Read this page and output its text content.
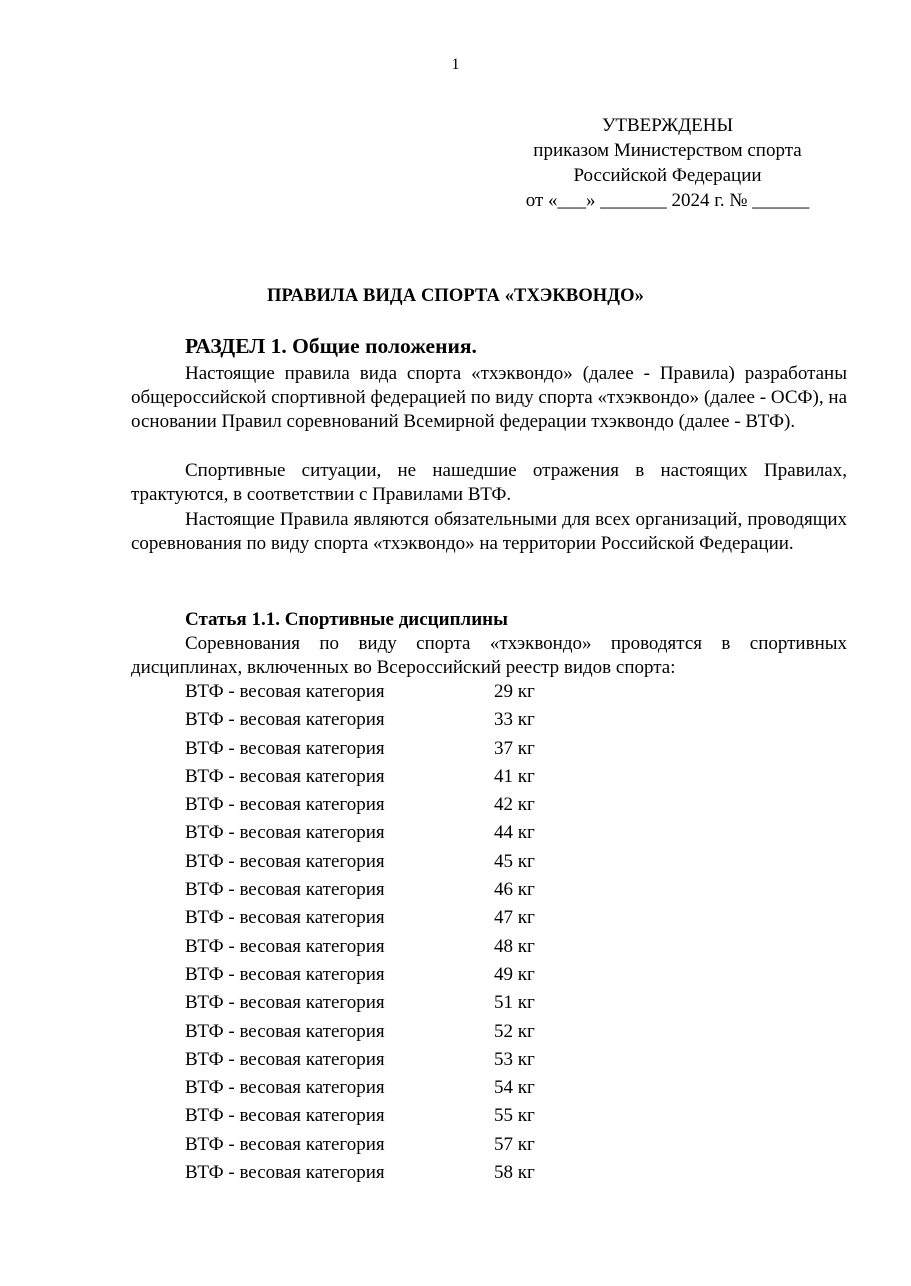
1
УТВЕРЖДЕНЫ
приказом Министерством спорта
Российской Федерации
от «___» _______ 2024 г. № ______
ПРАВИЛА ВИДА СПОРТА «ТХЭКВОНДО»
РАЗДЕЛ 1. Общие положения.

Настоящие правила вида спорта «тхэквондо» (далее - Правила) разработаны общероссийской спортивной федерацией по виду спорта «тхэквондо» (далее - ОСФ), на основании Правил соревнований Всемирной федерации тхэквондо (далее - ВТФ).

Спортивные ситуации, не нашедшие отражения в настоящих Правилах, трактуются, в соответствии с Правилами ВТФ.

Настоящие Правила являются обязательными для всех организаций, проводящих соревнования по виду спорта «тхэквондо» на территории Российской Федерации.

Статья 1.1. Спортивные дисциплины

Соревнования по виду спорта «тхэквондо» проводятся в спортивных дисциплинах, включенных во Всероссийский реестр видов спорта:

ВТФ - весовая категория	29 кг
ВТФ - весовая категория	33 кг
ВТФ - весовая категория	37 кг
ВТФ - весовая категория	41 кг
ВТФ - весовая категория	42 кг
ВТФ - весовая категория	44 кг
ВТФ - весовая категория	45 кг
ВТФ - весовая категория	46 кг
ВТФ - весовая категория	47 кг
ВТФ - весовая категория	48 кг
ВТФ - весовая категория	49 кг
ВТФ - весовая категория	51 кг
ВТФ - весовая категория	52 кг
ВТФ - весовая категория	53 кг
ВТФ - весовая категория	54 кг
ВТФ - весовая категория	55 кг
ВТФ - весовая категория	57 кг
ВТФ - весовая категория	58 кг
